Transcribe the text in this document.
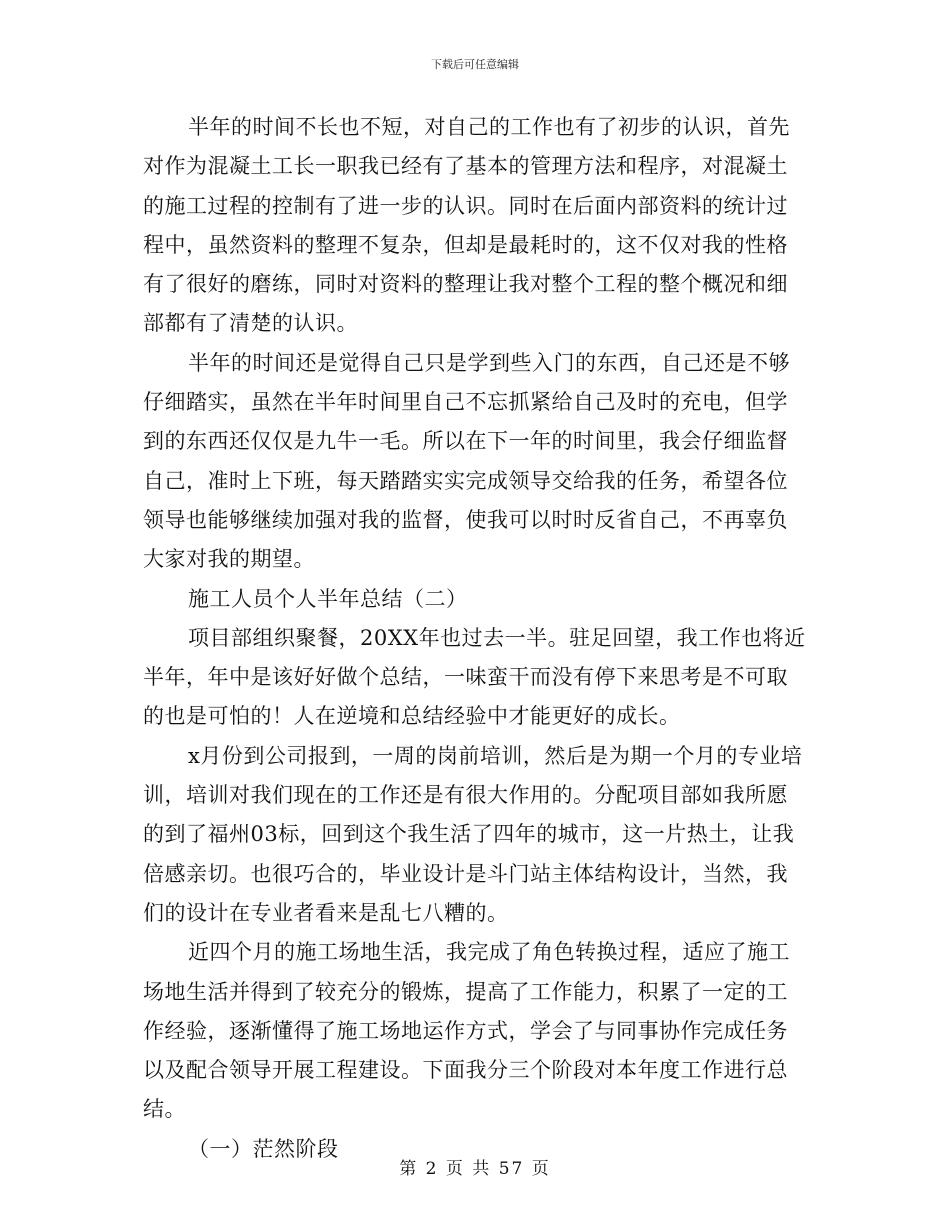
下载后可任意编辑

半年的时间不长也不短，对自己的工作也有了初步的认识，首先
对作为混凝土工长一职我已经有了基本的管理方法和程序，对混凝土
的施工过程的控制有了进一步的认识。同时在后面内部资料的统计过
程中，虽然资料的整理不复杂，但却是最耗时的，这不仅对我的性格
有了很好的磨练，同时对资料的整理让我对整个工程的整个概况和细
部都有了清楚的认识。

半年的时间还是觉得自己只是学到些入门的东西，自己还是不够
仔细踏实，虽然在半年时间里自己不忘抓紧给自己及时的充电，但学
到的东西还仅仅是九牛一毛。所以在下一年的时间里，我会仔细监督
自己，准时上下班，每天踏踏实实完成领导交给我的任务，希望各位
领导也能够继续加强对我的监督，使我可以时时反省自己，不再辜负
大家对我的期望。

施工人员个人半年总结（二）

项目部组织聚餐，20XX年也过去一半。驻足回望，我工作也将近
半年，年中是该好好做个总结，一味蛮干而没有停下来思考是不可取
的也是可怕的！人在逆境和总结经验中才能更好的成长。

x月份到公司报到，一周的岗前培训，然后是为期一个月的专业培
训，培训对我们现在的工作还是有很大作用的。分配项目部如我所愿
的到了福州03标，回到这个我生活了四年的城市，这一片热土，让我
倍感亲切。也很巧合的，毕业设计是斗门站主体结构设计，当然，我
们的设计在专业者看来是乱七八糟的。

近四个月的施工场地生活，我完成了角色转换过程，适应了施工
场地生活并得到了较充分的锻炼，提高了工作能力，积累了一定的工
作经验，逐渐懂得了施工场地运作方式，学会了与同事协作完成任务
以及配合领导开展工程建设。下面我分三个阶段对本年度工作进行总
结。

（一）茫然阶段

第 2 页 共 57 页
